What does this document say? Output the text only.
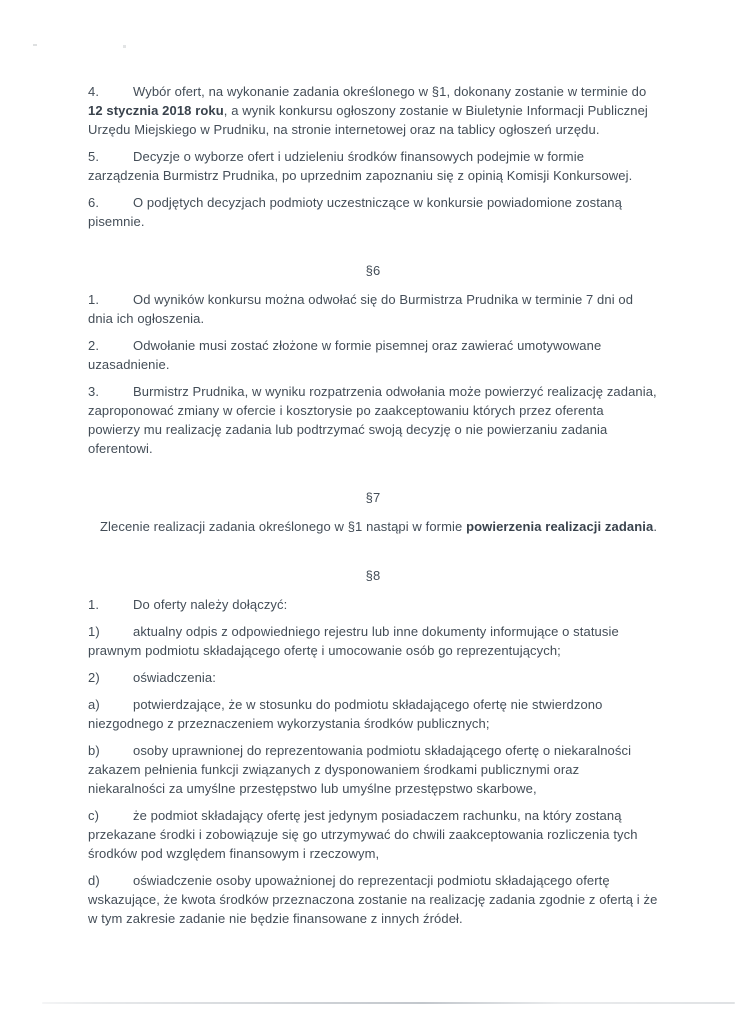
4.	Wybór ofert, na wykonanie zadania określonego w §1, dokonany zostanie w terminie do 12 stycznia 2018 roku, a wynik konkursu ogłoszony zostanie w Biuletynie Informacji Publicznej Urzędu Miejskiego w Prudniku, na stronie internetowej oraz na tablicy ogłoszeń urzędu.

5.	Decyzje o wyborze ofert i udzieleniu środków finansowych podejmie w formie zarządzenia Burmistrz Prudnika, po uprzednim zapoznaniu się z opinią Komisji Konkursowej.

6.	O podjętych decyzjach podmioty uczestniczące w konkursie powiadomione zostaną pisemnie.

§6

1.	Od wyników konkursu można odwołać się do Burmistrza Prudnika w terminie 7 dni od dnia ich ogłoszenia.

2.	Odwołanie musi zostać złożone w formie pisemnej oraz zawierać umotywowane uzasadnienie.

3.	Burmistrz Prudnika, w wyniku rozpatrzenia odwołania może powierzyć realizację zadania, zaproponować zmiany w ofercie i kosztorysie po zaakceptowaniu których przez oferenta powierzy mu realizację zadania lub podtrzymać swoją decyzję o nie powierzaniu zadania oferentowi.

§7

Zlecenie realizacji zadania określonego w §1 nastąpi w formie powierzenia realizacji zadania.

§8

1.	Do oferty należy dołączyć:

1)	aktualny odpis z odpowiedniego rejestru lub inne dokumenty informujące o statusie prawnym podmiotu składającego ofertę i umocowanie osób go reprezentujących;

2)	oświadczenia:

a)	potwierdzające, że w stosunku do podmiotu składającego ofertę nie stwierdzono niezgodnego z przeznaczeniem wykorzystania środków publicznych;

b)	osoby uprawnionej do reprezentowania podmiotu składającego ofertę o niekaralności zakazem pełnienia funkcji związanych z dysponowaniem środkami publicznymi oraz niekaralności za umyślne przestępstwo lub umyślne przestępstwo skarbowe,

c)	że podmiot składający ofertę jest jedynym posiadaczem rachunku, na który zostaną przekazane środki i zobowiązuje się go utrzymywać do chwili zaakceptowania rozliczenia tych środków pod względem finansowym i rzeczowym,

d)	oświadczenie osoby upoważnionej do reprezentacji podmiotu składającego ofertę wskazujące, że kwota środków przeznaczona zostanie na realizację zadania zgodnie z ofertą i że w tym zakresie zadanie nie będzie finansowane z innych źródeł.
